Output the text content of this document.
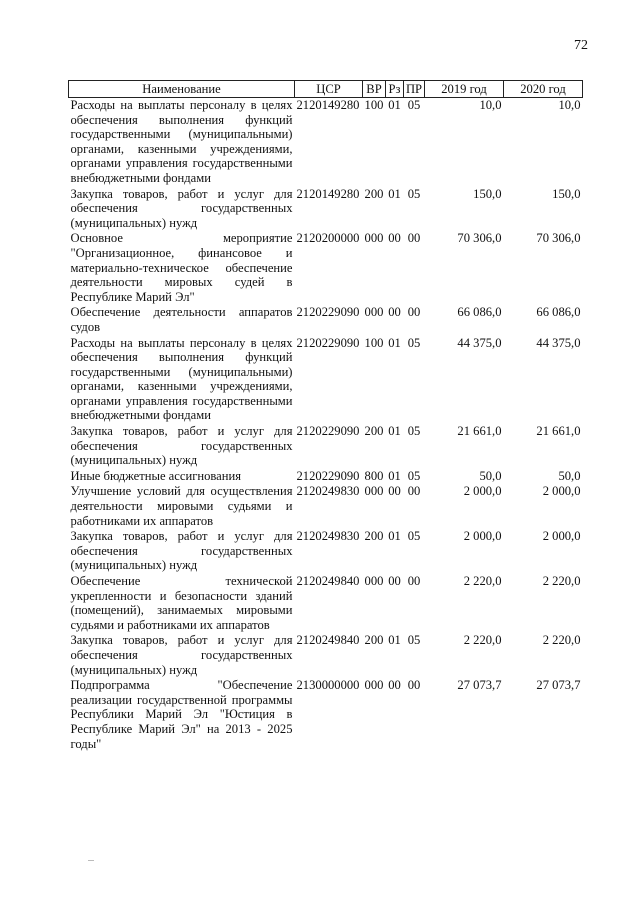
72
Наименование	ЦСР	ВР	Рз	ПР	2019 год	2020 год
Расходы на выплаты персоналу в целях обеспечения выполнения функций государственными (муниципальными) органами, казенными учреждениями, органами управления государственными внебюджетными фондами	2120149280	100	01	05	10,0	10,0
Закупка товаров, работ и услуг для обеспечения государственных (муниципальных) нужд	2120149280	200	01	05	150,0	150,0
Основное мероприятие "Организационное, финансовое и материально-техническое обеспечение деятельности мировых судей в Республике Марий Эл"	2120200000	000	00	00	70 306,0	70 306,0
Обеспечение деятельности аппаратов судов	2120229090	000	00	00	66 086,0	66 086,0
Расходы на выплаты персоналу в целях обеспечения выполнения функций государственными (муниципальными) органами, казенными учреждениями, органами управления государственными внебюджетными фондами	2120229090	100	01	05	44 375,0	44 375,0
Закупка товаров, работ и услуг для обеспечения государственных (муниципальных) нужд	2120229090	200	01	05	21 661,0	21 661,0
Иные бюджетные ассигнования	2120229090	800	01	05	50,0	50,0
Улучшение условий для осуществления деятельности мировыми судьями и работниками их аппаратов	2120249830	000	00	00	2 000,0	2 000,0
Закупка товаров, работ и услуг для обеспечения государственных (муниципальных) нужд	2120249830	200	01	05	2 000,0	2 000,0
Обеспечение технической укрепленности и безопасности зданий (помещений), занимаемых мировыми судьями и работниками их аппаратов	2120249840	000	00	00	2 220,0	2 220,0
Закупка товаров, работ и услуг для обеспечения государственных (муниципальных) нужд	2120249840	200	01	05	2 220,0	2 220,0
Подпрограмма "Обеспечение реализации государственной программы Республики Марий Эл "Юстиция в Республике Марий Эл" на 2013 - 2025 годы"	2130000000	000	00	00	27 073,7	27 073,7
